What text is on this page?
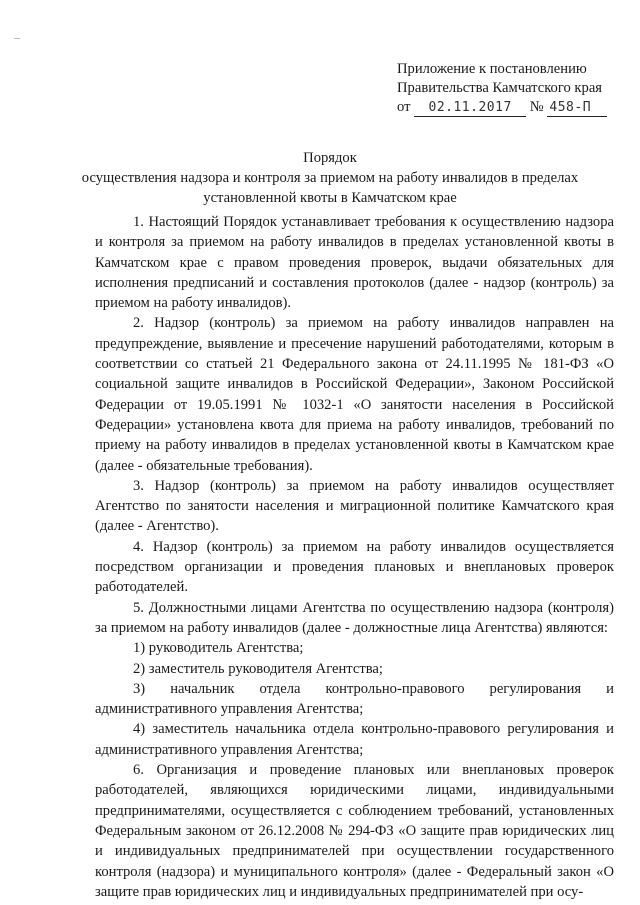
Приложение к постановлению
Правительства Камчатского края
от 02.11.2017 № 458-П
Порядок
осуществления надзора и контроля за приемом на работу инвалидов в пределах
установленной квоты в Камчатском крае

1. Настоящий Порядок устанавливает требования к осуществлению надзора и контроля за приемом на работу инвалидов в пределах установленной квоты в Камчатском крае с правом проведения проверок, выдачи обязательных для исполнения предписаний и составления протоколов (далее - надзор (контроль) за приемом на работу инвалидов).

2. Надзор (контроль) за приемом на работу инвалидов направлен на предупреждение, выявление и пресечение нарушений работодателями, которым в соответствии со статьей 21 Федерального закона от 24.11.1995 № 181-ФЗ «О социальной защите инвалидов в Российской Федерации», Законом Российской Федерации от 19.05.1991 № 1032-1 «О занятости населения в Российской Федерации» установлена квота для приема на работу инвалидов, требований по приему на работу инвалидов в пределах установленной квоты в Камчатском крае (далее - обязательные требования).

3. Надзор (контроль) за приемом на работу инвалидов осуществляет Агентство по занятости населения и миграционной политике Камчатского края (далее - Агентство).

4. Надзор (контроль) за приемом на работу инвалидов осуществляется посредством организации и проведения плановых и внеплановых проверок работодателей.

5. Должностными лицами Агентства по осуществлению надзора (контроля) за приемом на работу инвалидов (далее - должностные лица Агентства) являются:

1) руководитель Агентства;

2) заместитель руководителя Агентства;

3) начальник отдела контрольно-правового регулирования и административного управления Агентства;

4) заместитель начальника отдела контрольно-правового регулирования и административного управления Агентства;

6. Организация и проведение плановых или внеплановых проверок работодателей, являющихся юридическими лицами, индивидуальными предпринимателями, осуществляется с соблюдением требований, установленных Федеральным законом от 26.12.2008 № 294-ФЗ «О защите прав юридических лиц и индивидуальных предпринимателей при осуществлении государственного контроля (надзора) и муниципального контроля» (далее - Федеральный закон «О защите прав юридических лиц и индивидуальных предпринимателей при осу-
